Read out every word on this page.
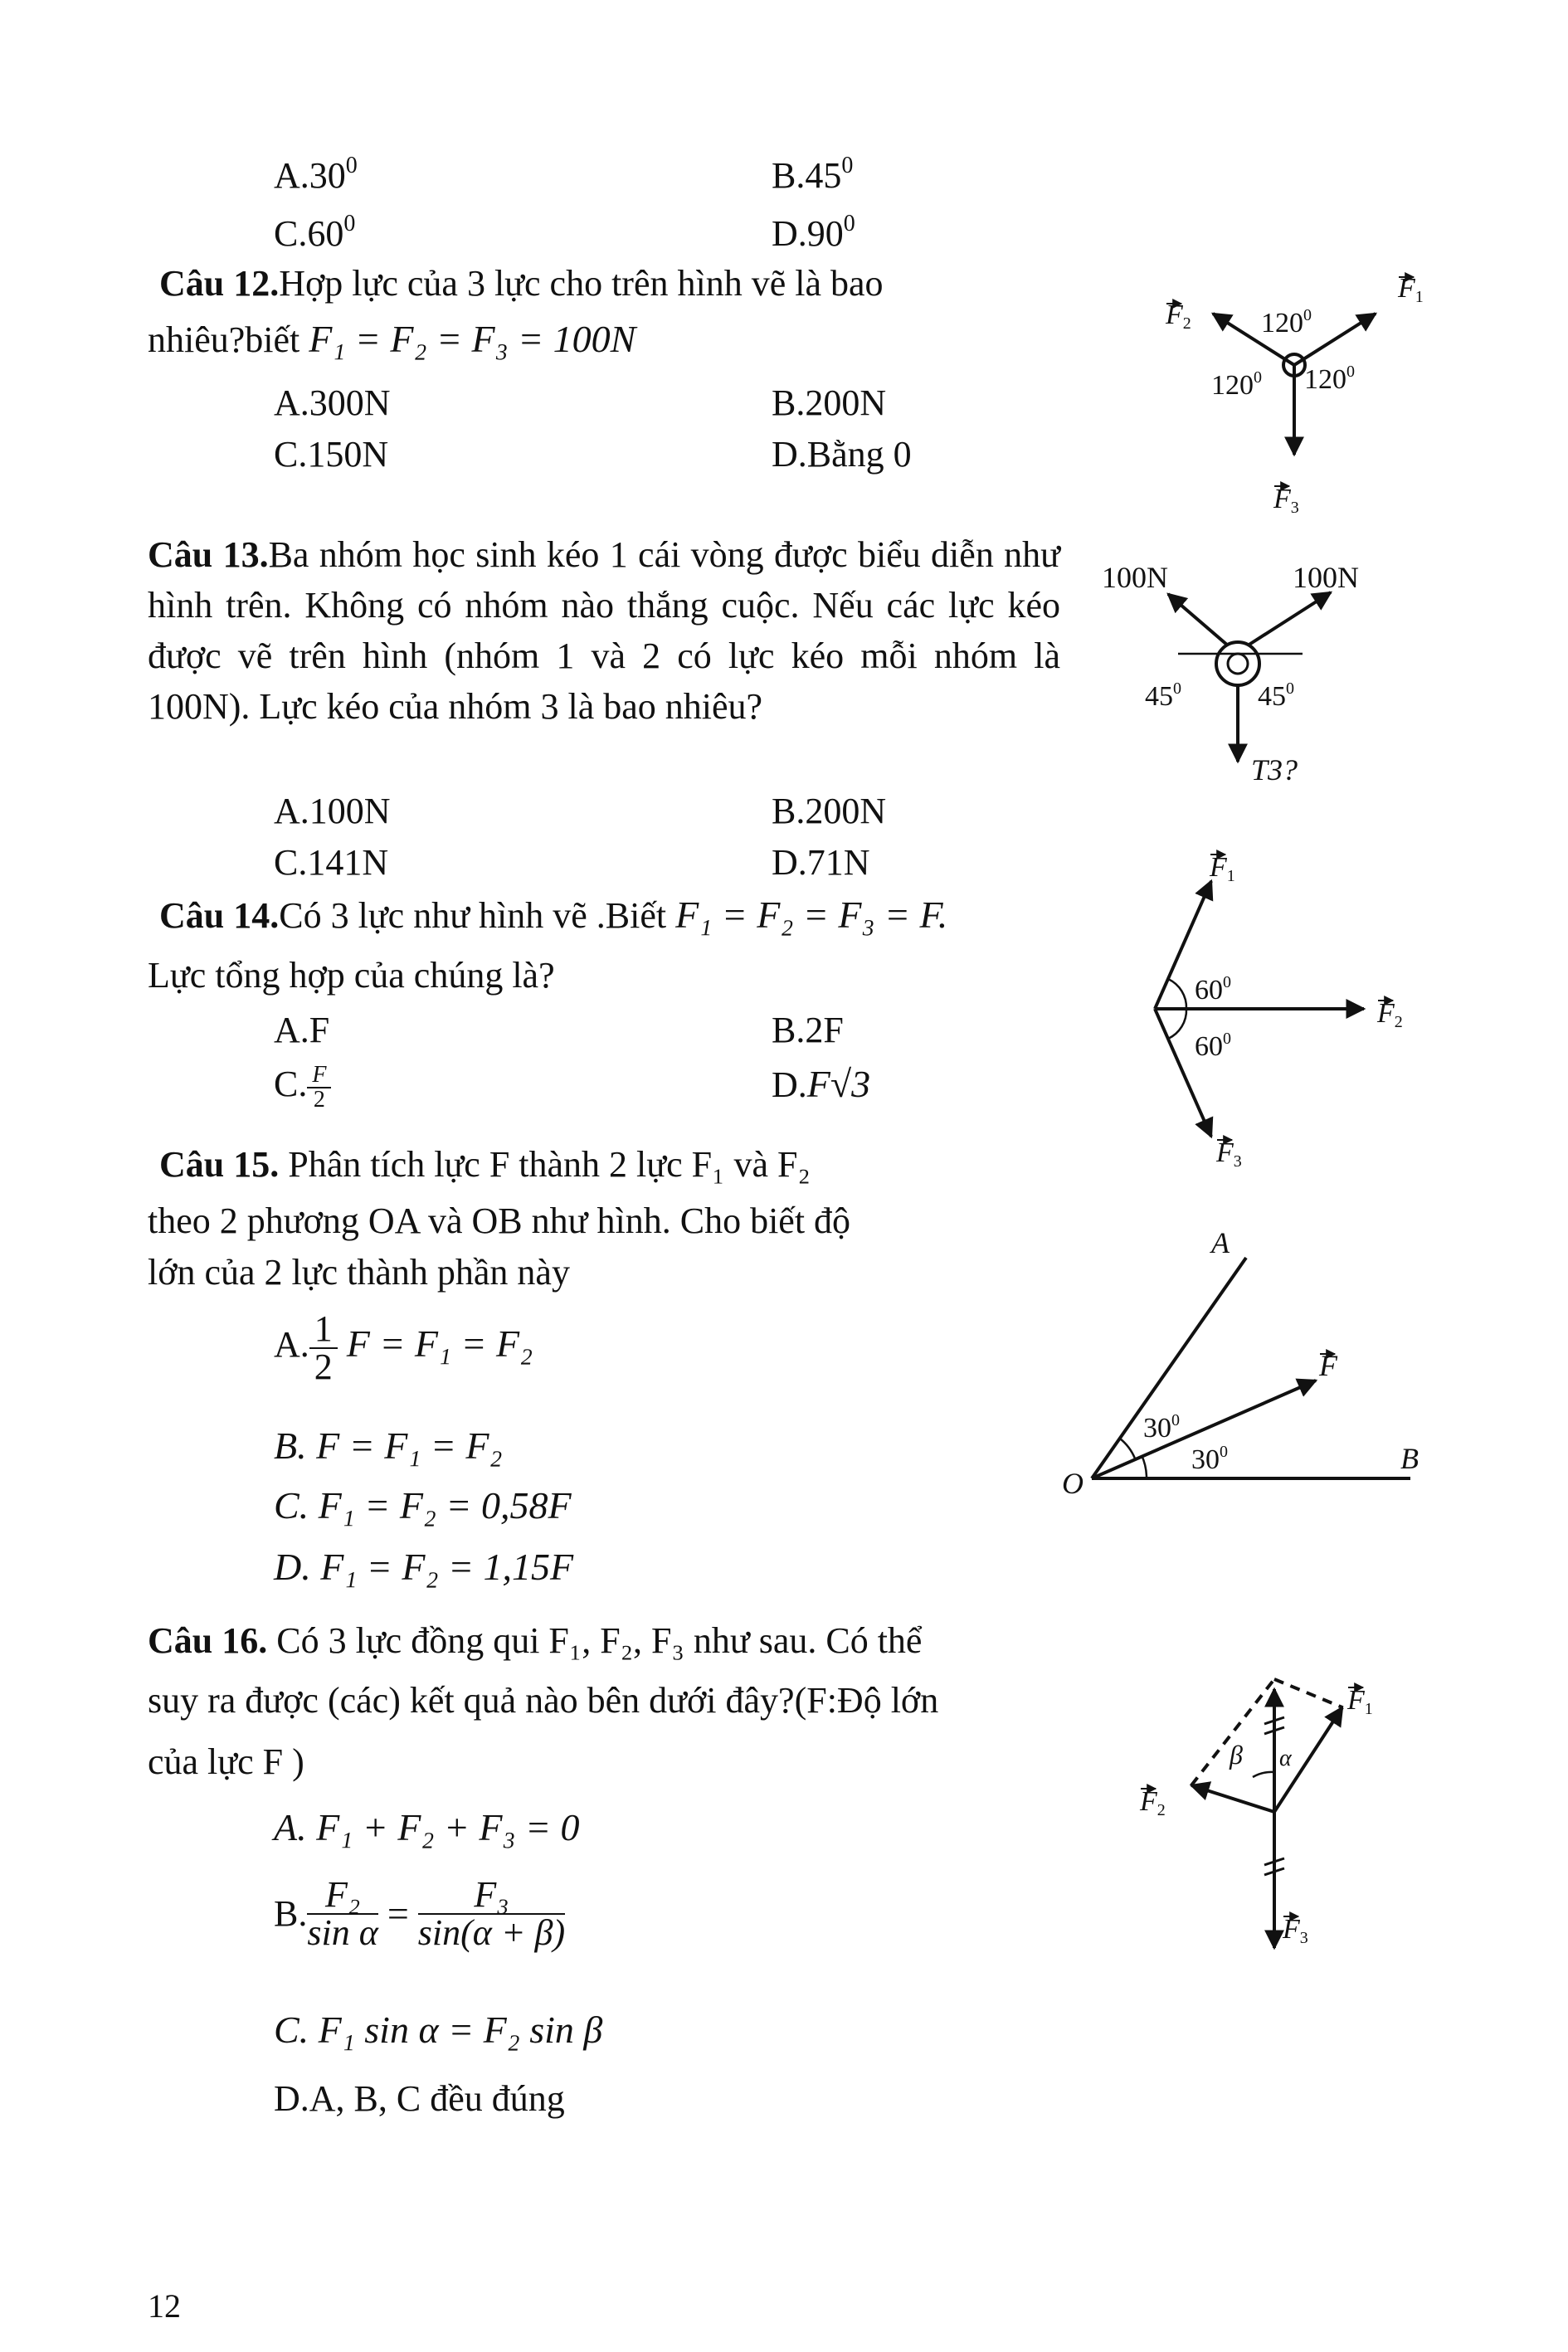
$A.30^0$	$B.45^0$
$C.60^0$	$D.90^0$
Câu 12.Hợp lực của 3 lực cho trên hình vẽ là bao
nhiêu?biết F₁ = F₂ = F₃ = 100N
A.300N	B.200N
C.150N	D.Bằng 0
F1
F2
F3
$120^0$
$120^0$ $120^0$
Câu 13.Ba nhóm học sinh kéo 1 cái vòng được biểu diễn như hình trên. Không có nhóm nào thắng cuộc. Nếu các lực kéo được vẽ trên hình (nhóm 1 và 2 có lực kéo mỗi nhóm là 100N). Lực kéo của nhóm 3 là bao nhiêu?
A.100N	B.200N
C.141N	D.71N
100N	100N
$45^0$	$45^0$
T3?
Câu 14.Có 3 lực như hình vẽ .Biết F₁ = F₂ = F₃ = F.
Lực tổng hợp của chúng là?
A.F	B.2F
C. $\frac{F}{2}$	D.F√3
F1
F2
F3
$60^0$
$60^0$
Câu 15. Phân tích lực F thành 2 lực F₁ và F₂
theo 2 phương OA và OB như hình. Cho biết độ
lớn của 2 lực thành phần này
A. $\frac{1}{2}$ F = F₁ = F₂
B. F = F₁ = F₂
C. F₁ = F₂ = 0,58F
D. F₁ = F₂ = 1,15F
A
B
O
F
$30^0$
$30^0$
Câu 16. Có 3 lực đồng qui F₁, F₂, F₃ như sau. Có thể
suy ra được (các) kết quả nào bên dưới đây?(F:Độ lớn
của lực F )
A. F₁ + F₂ + F₃ = 0
B. $\frac{\text{F₂}}{\text{sin α}} = \frac{\text{F₃}}{\sin(\alpha + \beta)}$
C. F₁ sin α = F₂ sin β
D.A, B, C đều đúng
β α
F1
F2
F3
12
